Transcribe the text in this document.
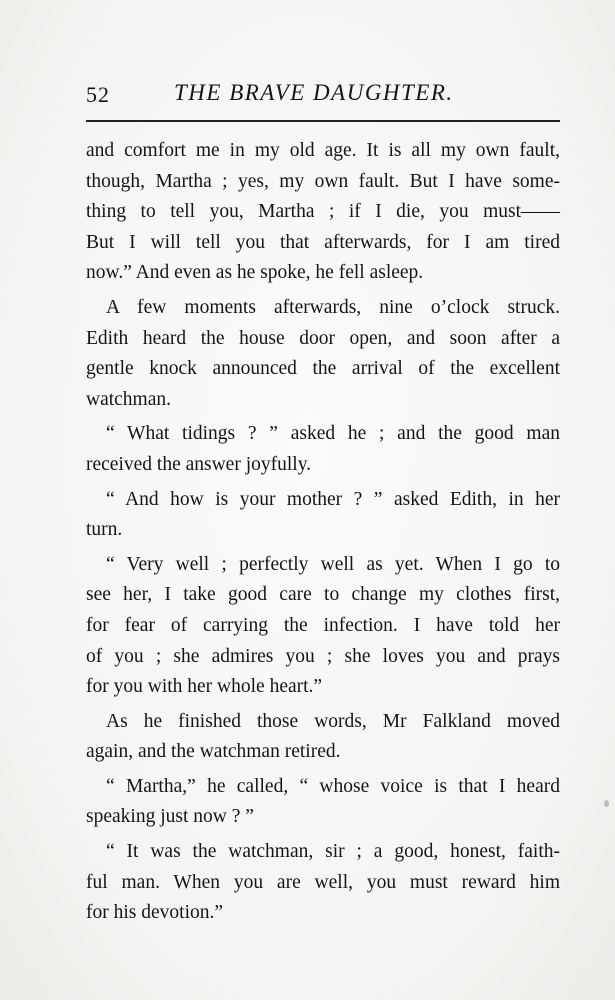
52	THE BRAVE DAUGHTER.
and comfort me in my old age. It is all my own fault,
though, Martha ; yes, my own fault. But I have some-
thing to tell you, Martha ; if I die, you must——
But I will tell you that afterwards, for I am tired
now.” And even as he spoke, he fell asleep.
A few moments afterwards, nine o’clock struck.
Edith heard the house door open, and soon after a
gentle knock announced the arrival of the excellent
watchman.
“ What tidings ? ” asked he ; and the good man
received the answer joyfully.
“ And how is your mother ? ” asked Edith, in her
turn.
“ Very well ; perfectly well as yet. When I go to
see her, I take good care to change my clothes first,
for fear of carrying the infection. I have told her
of you ; she admires you ; she loves you and prays
for you with her whole heart.”
As he finished those words, Mr Falkland moved
again, and the watchman retired.
“ Martha,” he called, “ whose voice is that I heard
speaking just now ? ”
“ It was the watchman, sir ; a good, honest, faith-
ful man. When you are well, you must reward him
for his devotion.”
